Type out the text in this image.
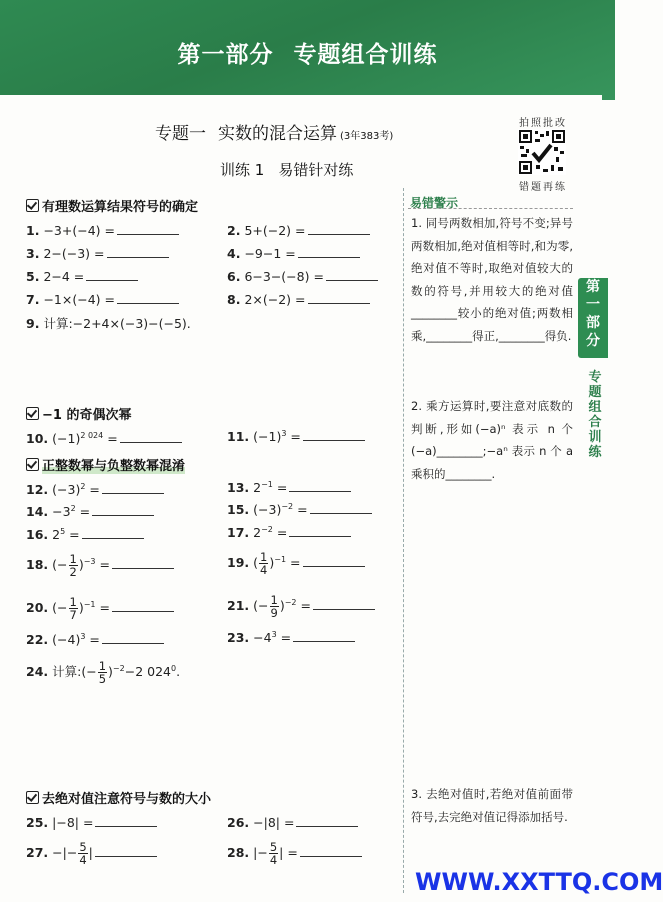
第一部分 专题组合训练
第
一
部
分
专
题
组
合
训
练
专题一 实数的混合运算 (3年383考)
训练 1 易错针对练
拍照批改
错题再练
易错警示
1. 同号两数相加,符号不变;异号两数相加,绝对值相等时,和为零,绝对值不等时,取绝对值较大的数的符号,并用较大的绝对值________较小的绝对值;两数相乘,________得正,________得负.
2. 乘方运算时,要注意对底数的判断,形如(−a)ⁿ 表示 n 个(−a)________;−aⁿ 表示 n 个 a 乘积的________.
3. 去绝对值时,若绝对值前面带符号,去完绝对值记得添加括号.
有理数运算结果符号的确定
1. −3+(−4) =	2. 5+(−2) =
3. 2−(−3) =	4. −9−1 =
5. 2−4 =	6. 6−3−(−8) =
7. −1×(−4) =	8. 2×(−2) =
9. 计算:−2+4×(−3)−(−5).
−1 的奇偶次幂
10. $(-1)^{2 024}$ =	11. $(-1)^3$ =
正整数幂与负整数幂混淆
12. $(-3)^2$ =	13. $2^{-1}$ =
14. $-3^2$ =	15. $(-3)^{-2}$ =
16. $2^5$ =	17. $2^{-2}$ =
18. (− $\frac{1}{2} )^{-3}$ =	19. ( $\frac{1}{4} )^{-1}$ =
20. (− $\frac{1}{7} )^{-1}$ =	21. (− $\frac{1}{9} )^{-2}$ =
22. $(-4)^3$ =	23. $-4^3$ =
24. 计算:(− $\frac{1}{5} )^{-2}-2$ $024^0$.
去绝对值注意符号与数的大小
25. |−8| =	26. −|8| =
27. −|− $\frac{5}{4}$ |	28. |− $\frac{5}{4}$ | =
WWW.XXTTQ.COM
